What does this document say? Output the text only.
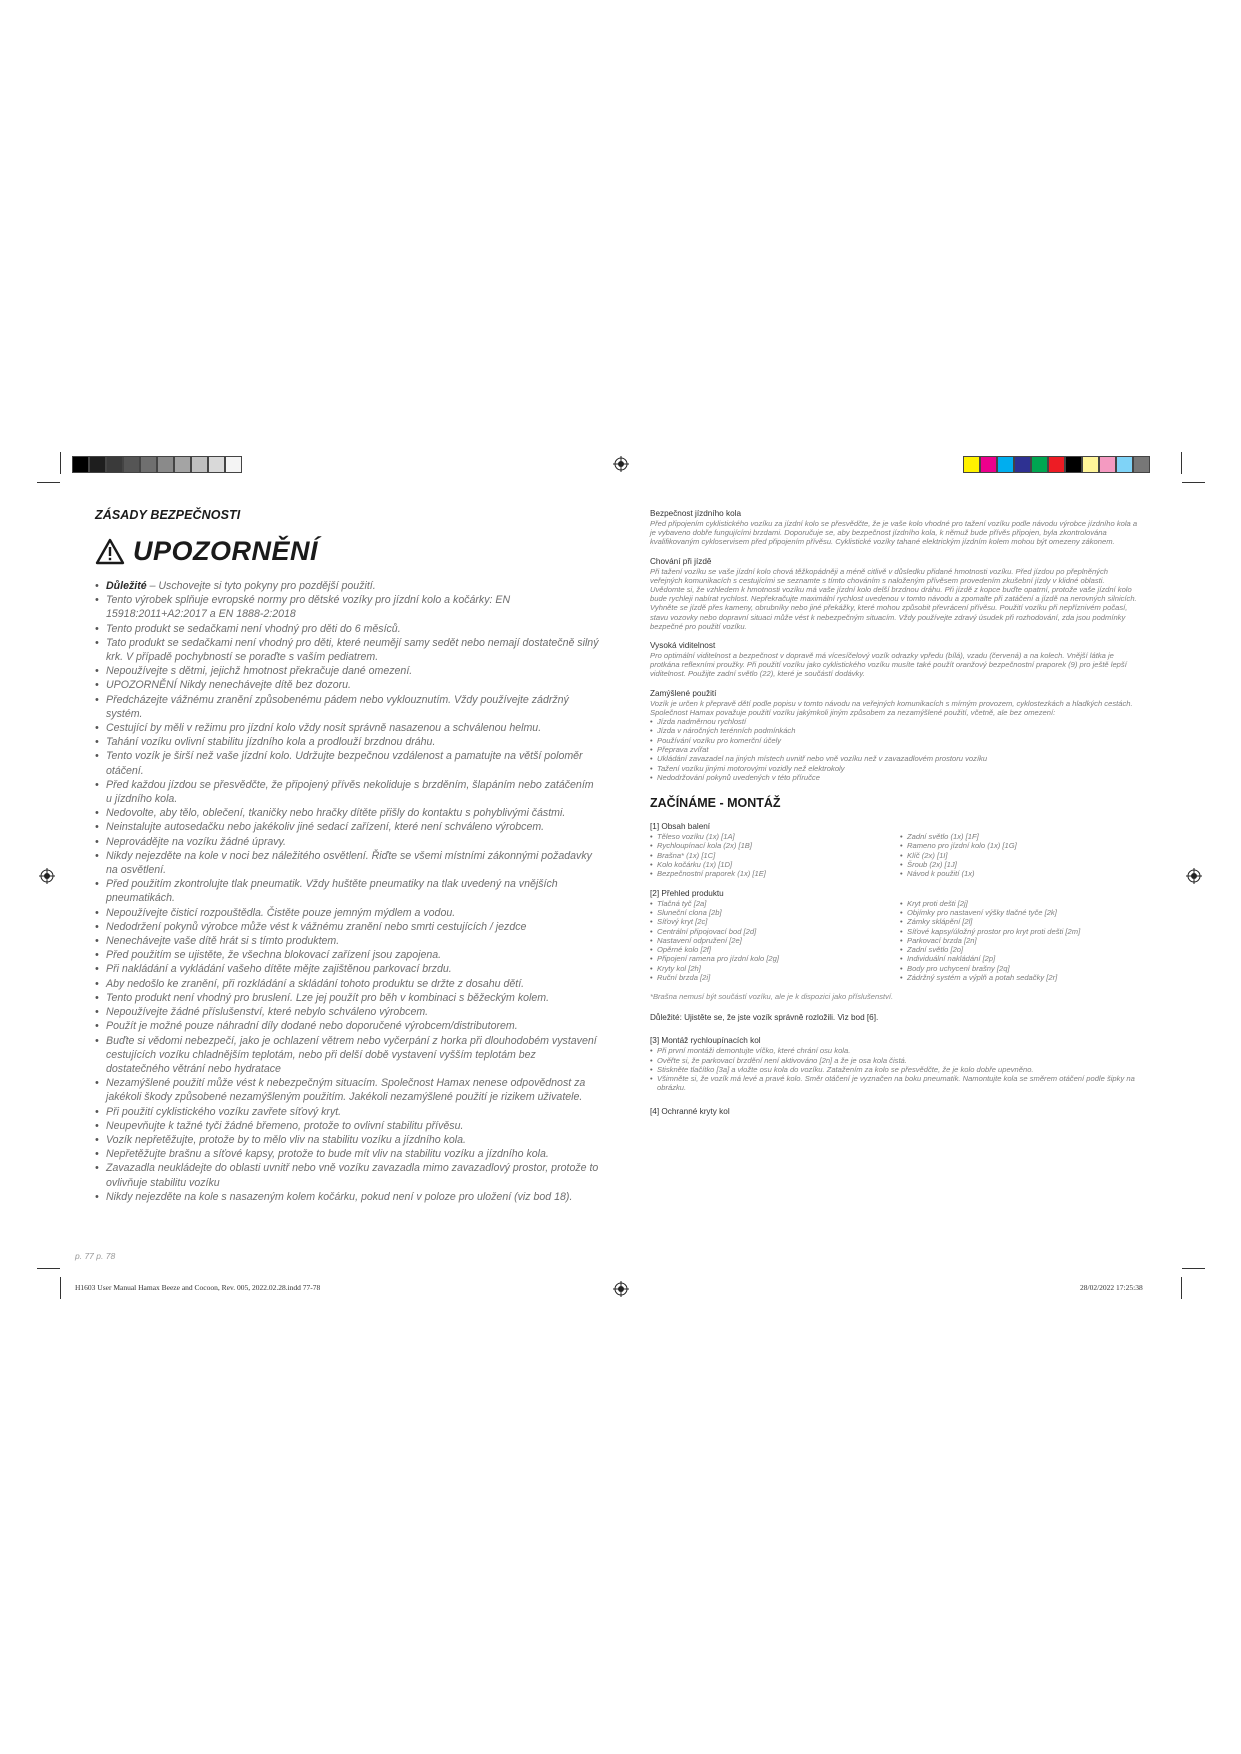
ZÁSADY BEZPEČNOSTI
UPOZORNĚNÍ
• Důležité – Uschovejte si tyto pokyny pro pozdější použití.
• Tento výrobek splňuje evropské normy pro dětské vozíky pro jízdní kolo a kočárky: EN 15918:2011+A2:2017 a EN 1888-2:2018
• Tento produkt se sedačkami není vhodný pro děti do 6 měsíců.
• Tato produkt se sedačkami není vhodný pro děti, které neumějí samy sedět nebo nemají dostatečně silný krk. V případě pochybností se poraďte s vaším pediatrem.
• Nepoužívejte s dětmi, jejichž hmotnost překračuje dané omezení.
• UPOZORNĚNÍ Nikdy nenechávejte dítě bez dozoru.
• Předcházejte vážnému zranění způsobenému pádem nebo vyklouznutím. Vždy používejte zádržný systém.
• Cestující by měli v režimu pro jízdní kolo vždy nosit správně nasazenou a schválenou helmu.
• Tahání vozíku ovlivní stabilitu jízdního kola a prodlouží brzdnou dráhu.
• Tento vozík je širší než vaše jízdní kolo. Udržujte bezpečnou vzdálenost a pamatujte na větší poloměr otáčení.
• Před každou jízdou se přesvědčte, že připojený přívěs nekoliduje s brzděním, šlapáním nebo zatáčením u jízdního kola.
• Nedovolte, aby tělo, oblečení, tkaničky nebo hračky dítěte přišly do kontaktu s pohyblivými částmi.
• Neinstalujte autosedačku nebo jakékoliv jiné sedací zařízení, které není schváleno výrobcem.
• Neprovádějte na vozíku žádné úpravy.
• Nikdy nejezděte na kole v noci bez náležitého osvětlení. Řiďte se všemi místními zákonnými požadavky na osvětlení.
• Před použitím zkontrolujte tlak pneumatik. Vždy huštěte pneumatiky na tlak uvedený na vnějších pneumatikách.
• Nepoužívejte čisticí rozpouštědla. Čistěte pouze jemným mýdlem a vodou.
• Nedodržení pokynů výrobce může vést k vážnému zranění nebo smrti cestujících / jezdce
• Nenechávejte vaše dítě hrát si s tímto produktem.
• Před použitím se ujistěte, že všechna blokovací zařízení jsou zapojena.
• Při nakládání a vykládání vašeho dítěte mějte zajištěnou parkovací brzdu.
• Aby nedošlo ke zranění, při rozkládání a skládání tohoto produktu se držte z dosahu dětí.
• Tento produkt není vhodný pro bruslení. Lze jej použít pro běh v kombinaci s běžeckým kolem.
• Nepoužívejte žádné příslušenství, které nebylo schváleno výrobcem.
• Použít je možné pouze náhradní díly dodané nebo doporučené výrobcem/distributorem.
• Buďte si vědomi nebezpečí, jako je ochlazení větrem nebo vyčerpání z horka při dlouhodobém vystavení cestujících vozíku chladnějším teplotám, nebo při delší době vystavení vyšším teplotám bez dostatečného větrání nebo hydratace
• Nezamýšlené použití může vést k nebezpečným situacím. Společnost Hamax nenese odpovědnost za jakékoli škody způsobené nezamýšleným použitím. Jakékoli nezamýšlené použití je rizikem uživatele.
• Při použití cyklistického vozíku zavřete síťový kryt.
• Neupevňujte k tažné tyči žádné břemeno, protože to ovlivní stabilitu přívěsu.
• Vozík nepřetěžujte, protože by to mělo vliv na stabilitu vozíku a jízdního kola.
• Nepřetěžujte brašnu a síťové kapsy, protože to bude mít vliv na stabilitu vozíku a jízdního kola.
• Zavazadla neukládejte do oblasti uvnitř nebo vně vozíku zavazadla mimo zavazadlový prostor, protože to ovlivňuje stabilitu vozíku
• Nikdy nejezděte na kole s nasazeným kolem kočárku, pokud není v poloze pro uložení (viz bod 18).
p. 77 p. 78

Bezpečnost jízdního kola

Před připojením cyklistického vozíku za jízdní kolo se přesvědčte, že je vaše kolo vhodné pro tažení vozíku podle návodu výrobce jízdního kola a je vybaveno dobře fungujícími brzdami. Doporučuje se, aby bezpečnost jízdního kola, k němuž bude přívěs připojen, byla zkontrolována kvalifikovaným cykloservisem před připojením přívěsu. Cyklistické vozíky tahané elektrickým jízdním kolem mohou být omezeny zákonem.

Chování při jízdě

Při tažení vozíku se vaše jízdní kolo chová těžkopádněji a méně citlivě v důsledku přidané hmotnosti vozíku. Před jízdou po přeplněných veřejných komunikacích s cestujícími se seznamte s tímto chováním s naloženým přívěsem provedením zkušební jízdy v klidné oblasti. Uvědomte si, že vzhledem k hmotnosti vozíku má vaše jízdní kolo delší brzdnou dráhu. Při jízdě z kopce buďte opatrní, protože vaše jízdní kolo bude rychleji nabírat rychlost. Nepřekračujte maximální rychlost uvedenou v tomto návodu a zpomalte při zatáčení a jízdě na nerovných silnicích. Vyhněte se jízdě přes kameny, obrubníky nebo jiné překážky, které mohou způsobit převrácení přívěsu. Použití vozíku při nepříznivém počasí, stavu vozovky nebo dopravní situaci může vést k nebezpečným situacím. Vždy používejte zdravý úsudek při rozhodování, zda jsou podmínky bezpečné pro použití vozíku.

Vysoká viditelnost

Pro optimální viditelnost a bezpečnost v dopravě má vícesíčelový vozík odrazky vpředu (bílá), vzadu (červená) a na kolech. Vnější látka je protkána reflexními proužky. Při použití vozíku jako cyklistického vozíku musíte také použít oranžový bezpečnostní praporek (9) pro ještě lepší viditelnost. Použijte zadní světlo (22), které je součástí dodávky.

Zamýšlené použití

Vozík je určen k přepravě dětí podle popisu v tomto návodu na veřejných komunikacích s mírným provozem, cyklostezkách a hladkých cestách. Společnost Hamax považuje použití vozíku jakýmkoli jiným způsobem za nezamýšlené použití, včetně, ale bez omezení:

• Jízda nadměrnou rychlostí
• Jízda v náročných terénních podmínkách
• Používání vozíku pro komerční účely
• Přeprava zvířat
• Ukládání zavazadel na jiných místech uvnitř nebo vně vozíku než v zavazadlovém prostoru vozíku
• Tažení vozíku jinými motorovými vozidly než elektrokoly
• Nedodržování pokynů uvedených v této příručce
ZAČÍNÁME - MONTÁŽ

[1] Obsah balení

• Těleso vozíku (1x) [1A]
• Rychloupínací kola (2x) [1B]
• Brašna* (1x) [1C]
• Kolo kočárku (1x) [1D]
• Bezpečnostní praporek (1x) [1E]
• Zadní světlo (1x) [1F]
• Rameno pro jízdní kolo (1x) [1G]
• Klíč (2x) [1I]
• Šroub (2x) [1J]
• Návod k použití (1x)

[2] Přehled produktu

• Tlačná tyč [2a]
• Sluneční clona [2b]
• Síťový kryt [2c]
• Centrální připojovací bod [2d]
• Nastavení odpružení [2e]
• Opěrné kolo [2f]
• Připojení ramena pro jízdní kolo [2g]
• Kryty kol [2h]
• Ruční brzda [2i]
• Kryt proti dešti [2j]
• Objímky pro nastavení výšky tlačné tyče [2k]
• Zámky sklápění [2l]
• Síťové kapsy/úložný prostor pro kryt proti dešti [2m]
• Parkovací brzda [2n]
• Zadní světlo [2o]
• Individuální nakládání [2p]
• Body pro uchycení brašny [2q]
• Zádržný systém a výplň a potah sedačky [2r]

*Brašna nemusí být součástí vozíku, ale je k dispozici jako příslušenství.

Důležité: Ujistěte se, že jste vozík správně rozložili. Viz bod [6].

[3] Montáž rychloupínacích kol

• Při první montáži demontujte víčko, které chrání osu kola.
• Ověřte si, že parkovací brzdění není aktivováno [2n] a že je osa kola čistá.
• Stiskněte tlačítko [3a] a vložte osu kola do vozíku. Zatažením za kolo se přesvědčte, že je kolo dobře upevněno.
• Všimněte si, že vozík má levé a pravé kolo. Směr otáčení je vyznačen na boku pneumatik. Namontujte kola se směrem otáčení podle šipky na obrázku.

[4] Ochranné kryty kol

H1603 User Manual Hamax Beeze and Cocoon, Rev. 005, 2022.02.28.indd 77-78	28/02/2022 17:25:38
